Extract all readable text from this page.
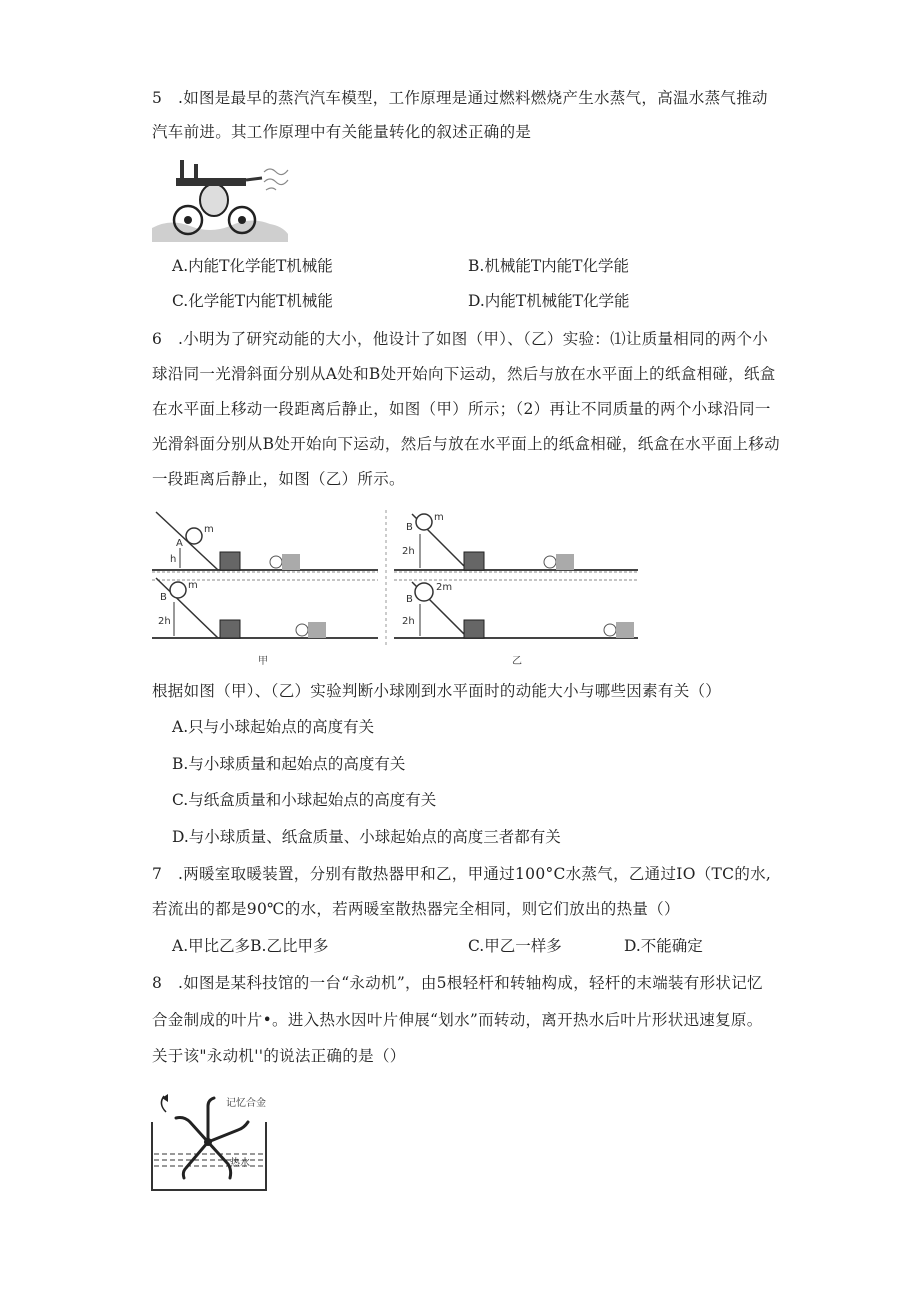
5　.如图是最早的蒸汽汽车模型，工作原理是通过燃料燃烧产生水蒸气，高温水蒸气推动
汽车前进。其工作原理中有关能量转化的叙述正确的是
A.内能T化学能T机械能	B.机械能T内能T化学能
C.化学能T内能T机械能	D.内能T机械能T化学能
6　.小明为了研究动能的大小，他设计了如图（甲）、（乙）实验：⑴让质量相同的两个小
球沿同一光滑斜面分别从A处和B处开始向下运动，然后与放在水平面上的纸盒相碰，纸盒
在水平面上移动一段距离后静止，如图（甲）所示；（2）再让不同质量的两个小球沿同一
光滑斜面分别从B处开始向下运动，然后与放在水平面上的纸盒相碰，纸盒在水平面上移动
一段距离后静止，如图（乙）所示。
A
m
h
B
m
2h
甲
B
m
2h
B
2m
2h
乙
根据如图（甲）、（乙）实验判断小球刚到水平面时的动能大小与哪些因素有关（）
A.只与小球起始点的高度有关
B.与小球质量和起始点的高度有关
C.与纸盒质量和小球起始点的高度有关
D.与小球质量、纸盒质量、小球起始点的高度三者都有关
7　.两暖室取暖装置，分别有散热器甲和乙，甲通过100°C水蒸气，乙通过IO（TC的水,
若流出的都是90℃的水，若两暖室散热器完全相同，则它们放出的热量（）
A.甲比乙多B.乙比甲多	C.甲乙一样多	D.不能确定
8　.如图是某科技馆的一台“永动机”，由5根轻杆和转轴构成，轻杆的末端装有形状记忆
合金制成的叶片•。进入热水因叶片伸展“划水”而转动，离开热水后叶片形状迅速复原。
关于该"永动机''的说法正确的是（）
记忆合金
热水
